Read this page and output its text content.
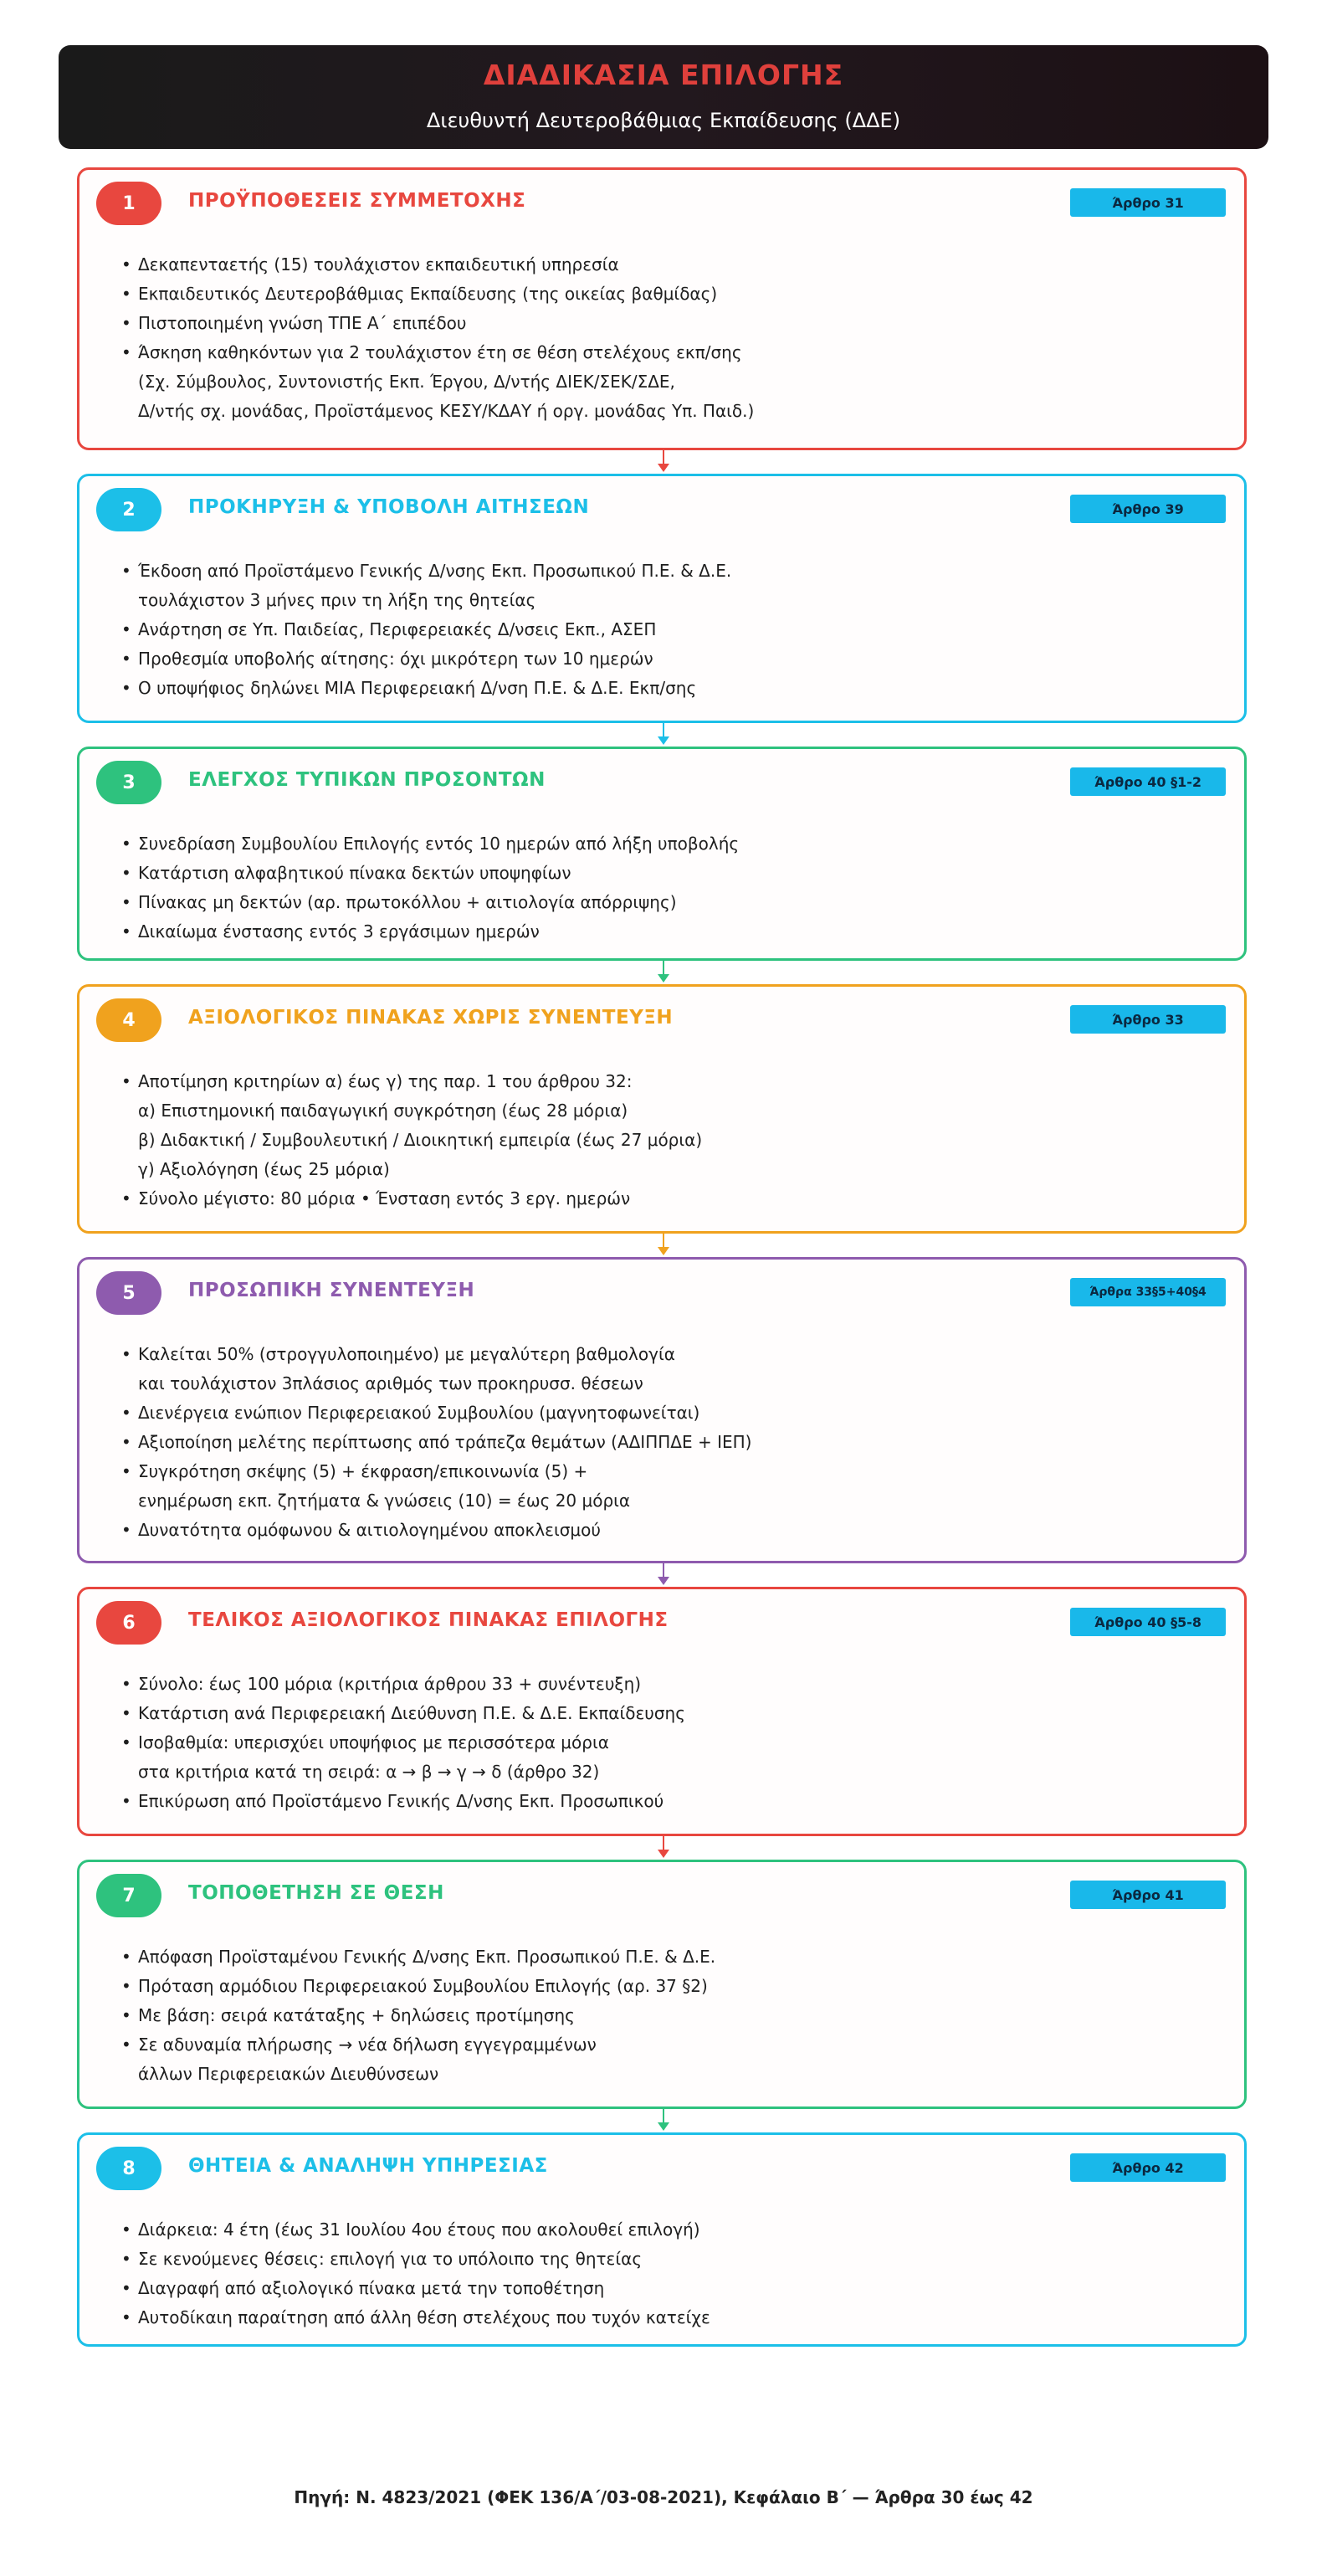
ΔΙΑΔΙΚΑΣΙΑ ΕΠΙΛΟΓΗΣ
Διευθυντή Δευτεροβάθμιας Εκπαίδευσης (ΔΔΕ)
1	ΠΡΟΫΠΟΘΕΣΕΙΣ ΣΥΜΜΕΤΟΧΗΣ	Άρθρο 31
• Δεκαπενταετής (15) τουλάχιστον εκπαιδευτική υπηρεσία
• Εκπαιδευτικός Δευτεροβάθμιας Εκπαίδευσης (της οικείας βαθμίδας)
• Πιστοποιημένη γνώση ΤΠΕ Α΄ επιπέδου
• Άσκηση καθηκόντων για 2 τουλάχιστον έτη σε θέση στελέχους εκπ/σης
(Σχ. Σύμβουλος, Συντονιστής Εκπ. Έργου, Δ/ντής ΔΙΕΚ/ΣΕΚ/ΣΔΕ,
Δ/ντής σχ. μονάδας, Προϊστάμενος ΚΕΣΥ/ΚΔΑΥ ή οργ. μονάδας Υπ. Παιδ.)
2	ΠΡΟΚΗΡΥΞΗ & ΥΠΟΒΟΛΗ ΑΙΤΗΣΕΩΝ	Άρθρο 39
• Έκδοση από Προϊστάμενο Γενικής Δ/νσης Εκπ. Προσωπικού Π.Ε. & Δ.Ε.
τουλάχιστον 3 μήνες πριν τη λήξη της θητείας
• Ανάρτηση σε Υπ. Παιδείας, Περιφερειακές Δ/νσεις Εκπ., ΑΣΕΠ
• Προθεσμία υποβολής αίτησης: όχι μικρότερη των 10 ημερών
• Ο υποψήφιος δηλώνει ΜΙΑ Περιφερειακή Δ/νση Π.Ε. & Δ.Ε. Εκπ/σης
3	ΕΛΕΓΧΟΣ ΤΥΠΙΚΩΝ ΠΡΟΣΟΝΤΩΝ	Άρθρο 40 §1-2
• Συνεδρίαση Συμβουλίου Επιλογής εντός 10 ημερών από λήξη υποβολής
• Κατάρτιση αλφαβητικού πίνακα δεκτών υποψηφίων
• Πίνακας μη δεκτών (αρ. πρωτοκόλλου + αιτιολογία απόρριψης)
• Δικαίωμα ένστασης εντός 3 εργάσιμων ημερών
4	ΑΞΙΟΛΟΓΙΚΟΣ ΠΙΝΑΚΑΣ ΧΩΡΙΣ ΣΥΝΕΝΤΕΥΞΗ	Άρθρο 33
• Αποτίμηση κριτηρίων α) έως γ) της παρ. 1 του άρθρου 32:
α) Επιστημονική παιδαγωγική συγκρότηση (έως 28 μόρια)
β) Διδακτική / Συμβουλευτική / Διοικητική εμπειρία (έως 27 μόρια)
γ) Αξιολόγηση (έως 25 μόρια)
• Σύνολο μέγιστο: 80 μόρια • Ένσταση εντός 3 εργ. ημερών
5	ΠΡΟΣΩΠΙΚΗ ΣΥΝΕΝΤΕΥΞΗ	Άρθρα 33§5+40§4
• Καλείται 50% (στρογγυλοποιημένο) με μεγαλύτερη βαθμολογία
και τουλάχιστον 3πλάσιος αριθμός των προκηρυσσ. θέσεων
• Διενέργεια ενώπιον Περιφερειακού Συμβουλίου (μαγνητοφωνείται)
• Αξιοποίηση μελέτης περίπτωσης από τράπεζα θεμάτων (ΑΔΙΠΠΔΕ + ΙΕΠ)
• Συγκρότηση σκέψης (5) + έκφραση/επικοινωνία (5) +
ενημέρωση εκπ. ζητήματα & γνώσεις (10) = έως 20 μόρια
• Δυνατότητα ομόφωνου & αιτιολογημένου αποκλεισμού
6	ΤΕΛΙΚΟΣ ΑΞΙΟΛΟΓΙΚΟΣ ΠΙΝΑΚΑΣ ΕΠΙΛΟΓΗΣ	Άρθρο 40 §5-8
• Σύνολο: έως 100 μόρια (κριτήρια άρθρου 33 + συνέντευξη)
• Κατάρτιση ανά Περιφερειακή Διεύθυνση Π.Ε. & Δ.Ε. Εκπαίδευσης
• Ισοβαθμία: υπερισχύει υποψήφιος με περισσότερα μόρια
στα κριτήρια κατά τη σειρά: α → β → γ → δ (άρθρο 32)
• Επικύρωση από Προϊστάμενο Γενικής Δ/νσης Εκπ. Προσωπικού
7	ΤΟΠΟΘΕΤΗΣΗ ΣΕ ΘΕΣΗ	Άρθρο 41
• Απόφαση Προϊσταμένου Γενικής Δ/νσης Εκπ. Προσωπικού Π.Ε. & Δ.Ε.
• Πρόταση αρμόδιου Περιφερειακού Συμβουλίου Επιλογής (αρ. 37 §2)
• Με βάση: σειρά κατάταξης + δηλώσεις προτίμησης
• Σε αδυναμία πλήρωσης → νέα δήλωση εγγεγραμμένων
άλλων Περιφερειακών Διευθύνσεων
8	ΘΗΤΕΙΑ & ΑΝΑΛΗΨΗ ΥΠΗΡΕΣΙΑΣ	Άρθρο 42
• Διάρκεια: 4 έτη (έως 31 Ιουλίου 4ου έτους που ακολουθεί επιλογή)
• Σε κενούμενες θέσεις: επιλογή για το υπόλοιπο της θητείας
• Διαγραφή από αξιολογικό πίνακα μετά την τοποθέτηση
• Αυτοδίκαιη παραίτηση από άλλη θέση στελέχους που τυχόν κατείχε
Πηγή: Ν. 4823/2021 (ΦΕΚ 136/Α΄/03-08-2021), Κεφάλαιο Β΄ — Άρθρα 30 έως 42
